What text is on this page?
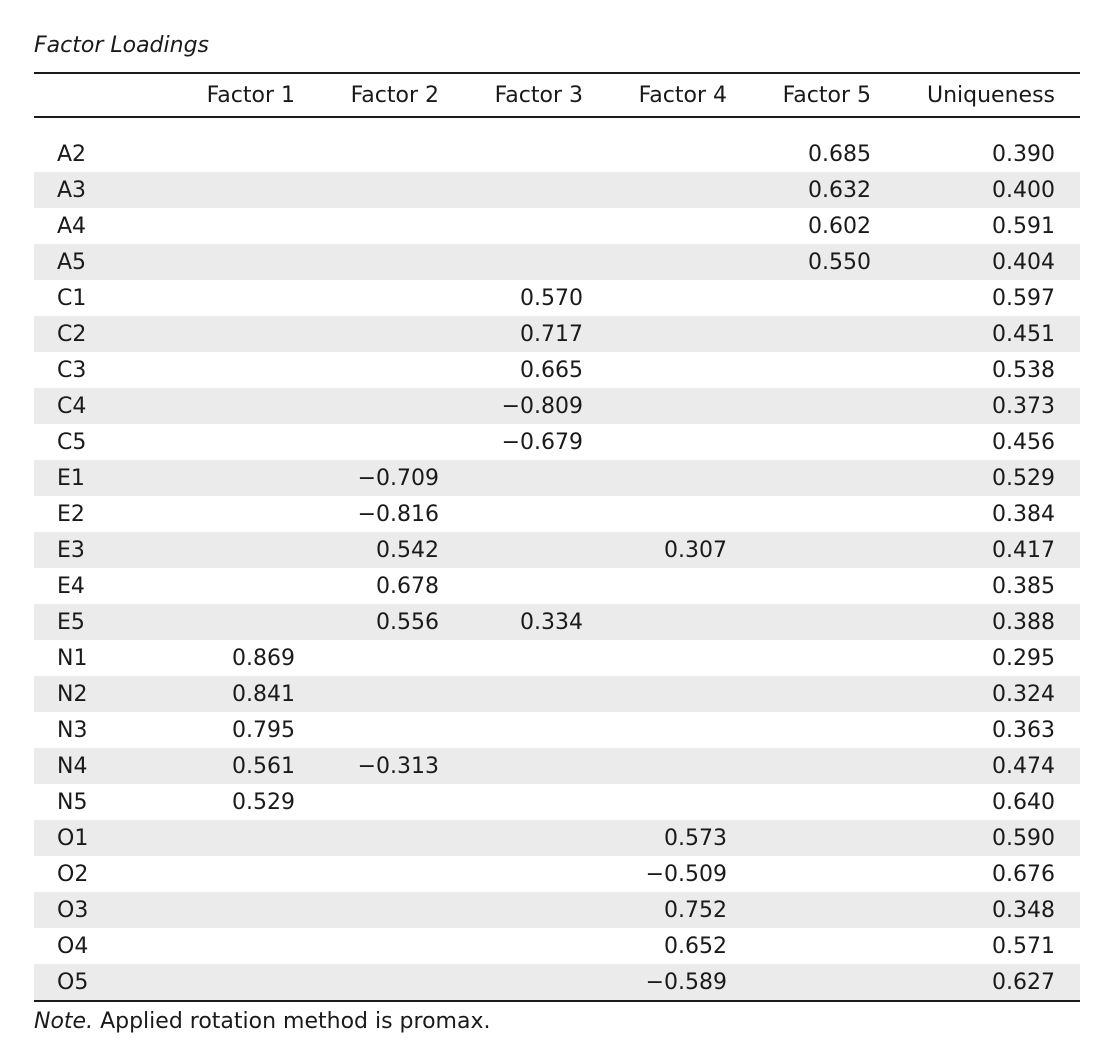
Factor Loadings
	Factor 1	Factor 2	Factor 3	Factor 4	Factor 5	Uniqueness

A2					0.685	0.390
A3					0.632	0.400
A4					0.602	0.591
A5					0.550	0.404
C1			0.570			0.597
C2			0.717			0.451
C3			0.665			0.538
C4			−0.809			0.373
C5			−0.679			0.456
E1		−0.709				0.529
E2		−0.816				0.384
E3		0.542		0.307		0.417
E4		0.678				0.385
E5		0.556	0.334			0.388
N1	0.869					0.295
N2	0.841					0.324
N3	0.795					0.363
N4	0.561	−0.313				0.474
N5	0.529					0.640
O1				0.573		0.590
O2				−0.509		0.676
O3				0.752		0.348
O4				0.652		0.571
O5				−0.589		0.627
Note. Applied rotation method is promax.
